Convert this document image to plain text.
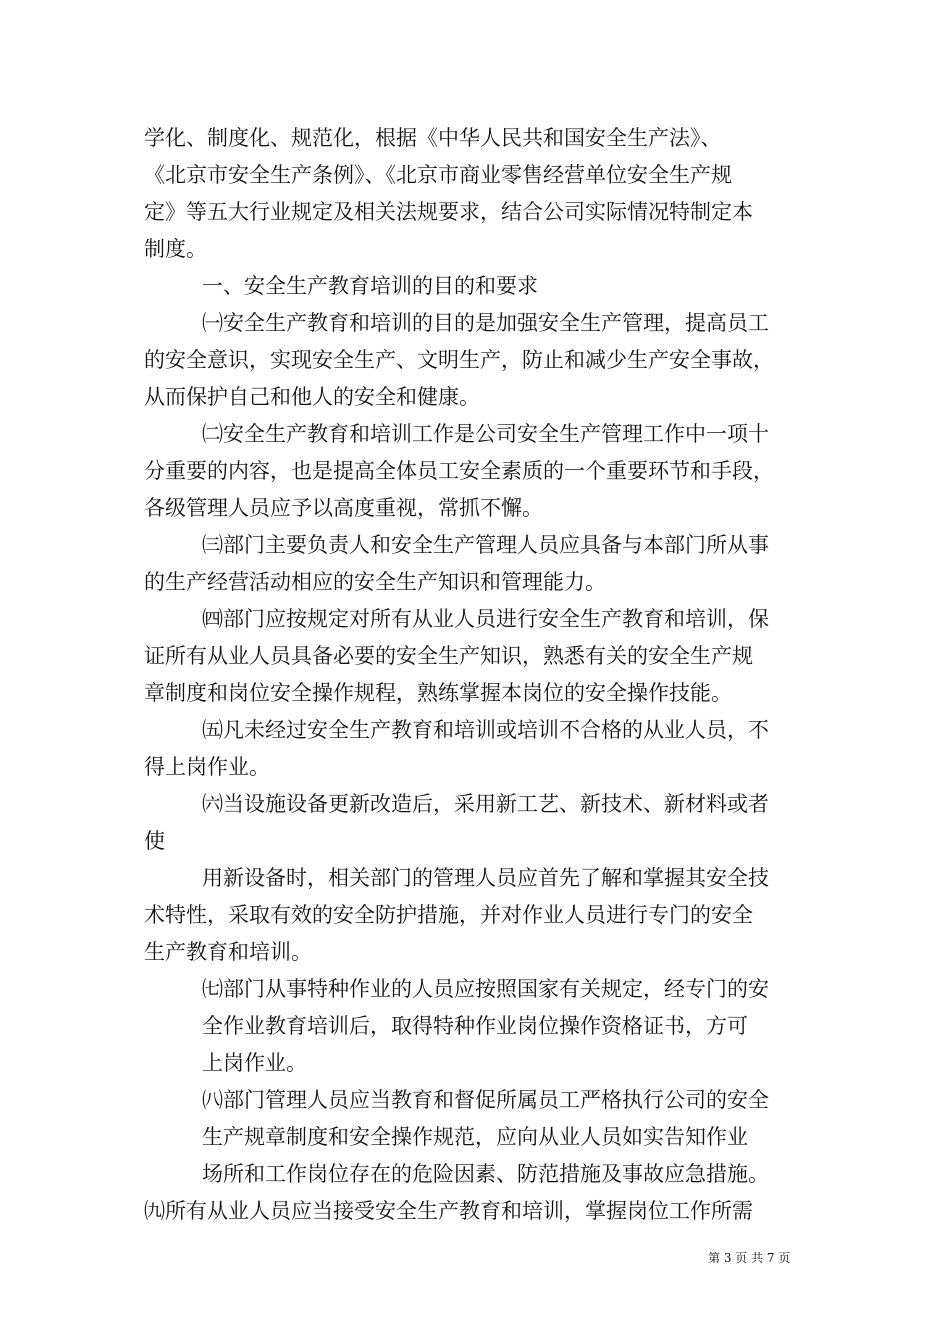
学化、制度化、规范化，根据《中华人民共和国安全生产法》、

《北京市安全生产条例》、《北京市商业零售经营单位安全生产规

定》等五大行业规定及相关法规要求，结合公司实际情况特制定本

制度。

一、安全生产教育培训的目的和要求

㈠安全生产教育和培训的目的是加强安全生产管理，提高员工

的安全意识，实现安全生产、文明生产，防止和减少生产安全事故，

从而保护自己和他人的安全和健康。

㈡安全生产教育和培训工作是公司安全生产管理工作中一项十

分重要的内容，也是提高全体员工安全素质的一个重要环节和手段，

各级管理人员应予以高度重视，常抓不懈。

㈢部门主要负责人和安全生产管理人员应具备与本部门所从事

的生产经营活动相应的安全生产知识和管理能力。

㈣部门应按规定对所有从业人员进行安全生产教育和培训，保

证所有从业人员具备必要的安全生产知识，熟悉有关的安全生产规

章制度和岗位安全操作规程，熟练掌握本岗位的安全操作技能。

㈤凡未经过安全生产教育和培训或培训不合格的从业人员，不

得上岗作业。

㈥当设施设备更新改造后，采用新工艺、新技术、新材料或者

使

用新设备时，相关部门的管理人员应首先了解和掌握其安全技

术特性，采取有效的安全防护措施，并对作业人员进行专门的安全

生产教育和培训。

㈦部门从事特种作业的人员应按照国家有关规定，经专门的安

全作业教育培训后，取得特种作业岗位操作资格证书，方可

上岗作业。

㈧部门管理人员应当教育和督促所属员工严格执行公司的安全

生产规章制度和安全操作规范，应向从业人员如实告知作业

场所和工作岗位存在的危险因素、防范措施及事故应急措施。

㈨所有从业人员应当接受安全生产教育和培训，掌握岗位工作所需

第 3 页 共 7 页
